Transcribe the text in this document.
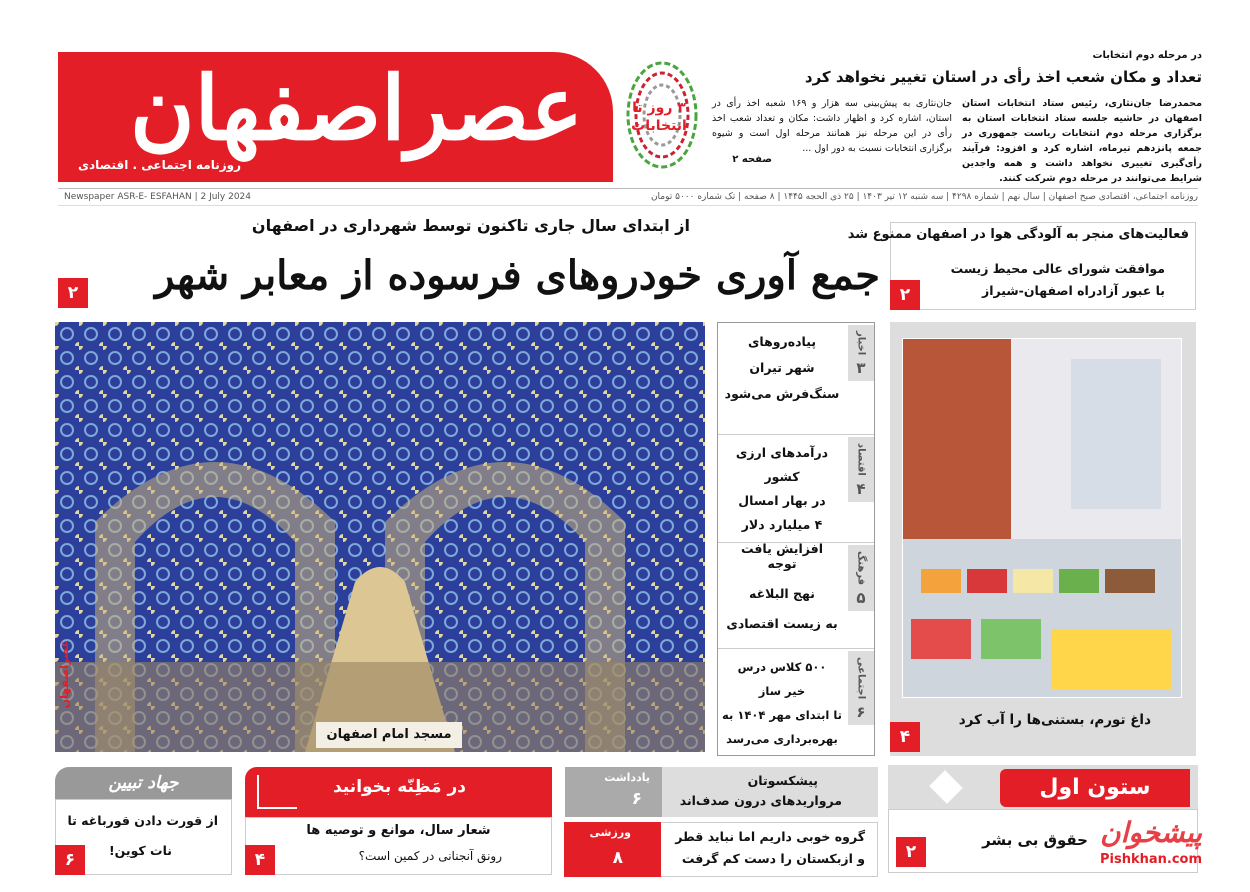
عصراصفهان
روزنامه اجتماعی . اقتصادی
۳ روز تا
انتخابات
در مرحله دوم انتخابات
تعداد و مکان شعب اخذ رأی در استان تغییر نخواهد کرد
محمدرضا جان‌نثاری، رئیس ستاد انتخابات استان اصفهان در حاشیه جلسه ستاد انتخابات استان به برگزاری مرحله دوم انتخابات ریاست جمهوری در جمعه پانزدهم تیرماه، اشاره کرد و افزود: فرآیند رأی‌گیری تغییری نخواهد داشت و همه واجدین شرایط می‌توانند در مرحله دوم شرکت کنند.
جان‌نثاری به پیش‌بینی سه هزار و ۱۶۹ شعبه اخذ رأی در استان، اشاره کرد و اظهار داشت: مکان و تعداد شعب اخذ رأی در این مرحله نیز همانند مرحله اول است و شیوه برگزاری انتخابات نسبت به دور اول ...
صفحه ۲
روزنامه اجتماعی، اقتصادی صبح اصفهان | سال نهم | شماره ۴۲۹۸ | سه شنبه ۱۲ تیر ۱۴۰۳ | ۲۵ ذی الحجه ۱۴۴۵ | ۸ صفحه | تک شماره ۵۰۰۰ تومان
Newspaper ASR-E- ESFAHAN | 2 July 2024
از ابتدای سال جاری تاکنون توسط شهرداری در اصفهان
جمع آوری خودروهای فرسوده از معابر شهر
۲
فعالیت‌های منجر به آلودگی هوا در اصفهان ممنوع شد
موافقت شورای عالی محیط زیست
با عبور آزادراه اصفهان-شیراز
۲
عصراصفهان
مسجد امام اصفهان
اخبار
۳
پیاده‌روهای
شهر تیران
سنگ‌فرش می‌شود
اقتصاد
۴
درآمدهای ارزی کشور
در بهار امسال
۴ میلیارد دلار
افزایش یافت
فرهنگ
۵
توجه
نهج البلاغه
به زیست اقتصادی
اجتماعی
۶
۵۰۰ کلاس درس
خیر ساز
تا ابتدای مهر ۱۴۰۴ به
بهره‌برداری می‌رسد
داغ تورم، بستنی‌ها را آب کرد
۴
ستون اول
حقوق بی بشر
۲
پیشخوان
Pishkhan.com
یادداشت
۶
پیشکسوتان
مرواریدهای درون صدف‌اند
ورزشی
۸
گروه خوبی داریم اما نباید قطر
و ازبکستان را دست کم گرفت
در مَظِنّه بخوانید
شعار سال، موانع و توصیه ها
رونق آنجنانی در کمین است؟
۴
جهاد تبیین
از قورت دادن قورباغه تا
نات کوین!
۶
